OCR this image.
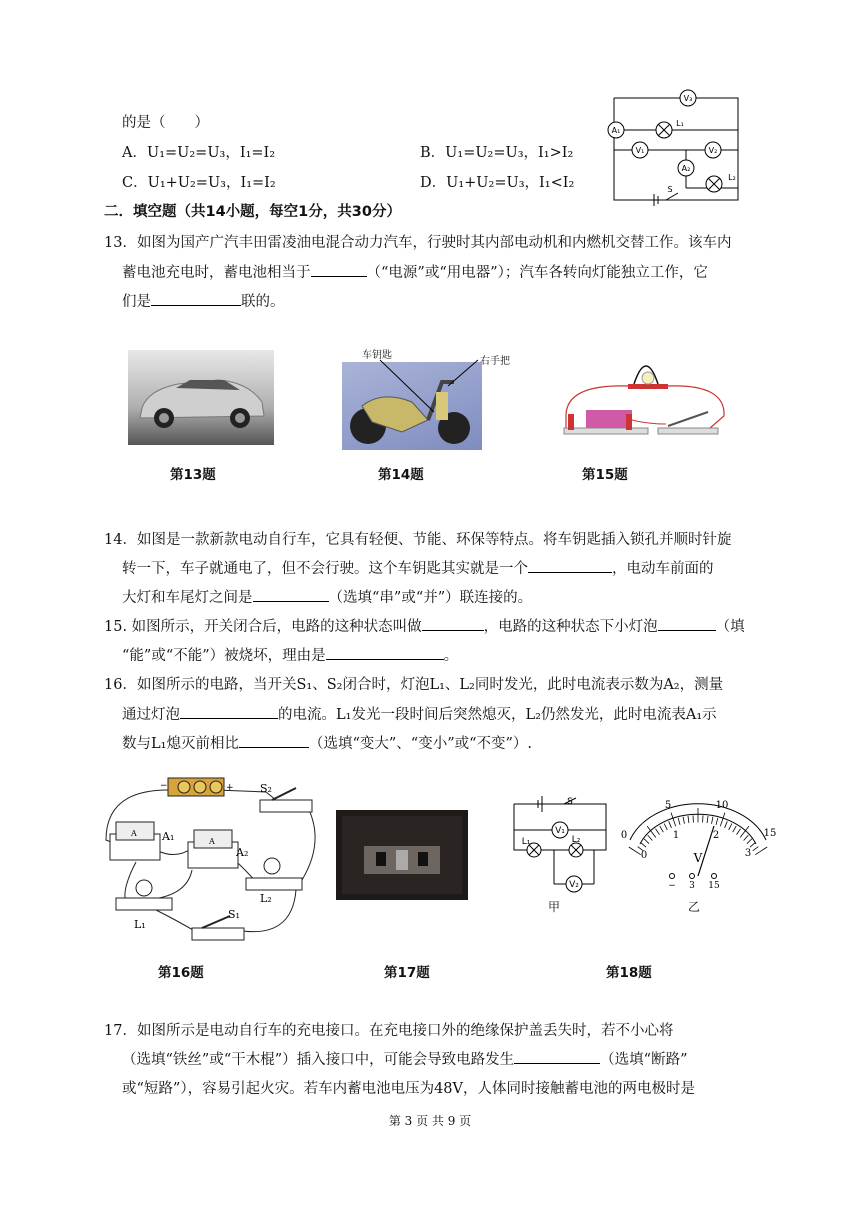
的是（　　）
A．U₁=U₂=U₃，I₁=I₂	B．U₁=U₂=U₃，I₁>I₂
C．U₁+U₂=U₃，I₁=I₂	D．U₁+U₂=U₃，I₁<I₂
V₃
A₁
L₁
V₁	V₂
A₂
L₂
S
二．填空题（共14小题，每空1分，共30分）
13．如图为国产广汽丰田雷凌油电混合动力汽车，行驶时其内部电动机和内燃机交替工作。该车内
蓄电池充电时，蓄电池相当于	（“电源”或“用电器”）；汽车各转向灯能独立工作，它
们是	联的。
车钥匙
右手把
第13题	第14题	第15题
14．如图是一款新款电动自行车，它具有轻便、节能、环保等特点。将车钥匙插入锁孔并顺时针旋
转一下，车子就通电了，但不会行驶。这个车钥匙其实就是一个	，电动车前面的
大灯和车尾灯之间是	（选填“串”或“并”）联连接的。
15. 如图所示，开关闭合后，电路的这种状态叫做	，电路的这种状态下小灯泡	（填
“能”或“不能”）被烧坏，理由是	。
16．如图所示的电路，当开关S₁、S₂闭合时，灯泡L₁、L₂同时发光，此时电流表示数为A₂，测量
通过灯泡	的电流。L₁发光一段时间后突然熄灭，L₂仍然发光，此时电流表A₁示
数与L₁熄灭前相比	（选填“变大”、“变小”或“不变”）.
S₂
A₁
A₂
L₂
L₁
S₁
A
A
+
−
S
V₁
L₁	L₂
V₂
甲
0
5	10
15
0
1	2
3
V
− 3 15
乙
第16题	第17题	第18题
17．如图所示是电动自行车的充电接口。在充电接口外的绝缘保护盖丢失时，若不小心将
（选填“铁丝”或“干木棍”）插入接口中，可能会导致电路发生	（选填“断路”
或“短路”），容易引起火灾。若车内蓄电池电压为48V，人体同时接触蓄电池的两电极时是
第 3 页 共 9 页
